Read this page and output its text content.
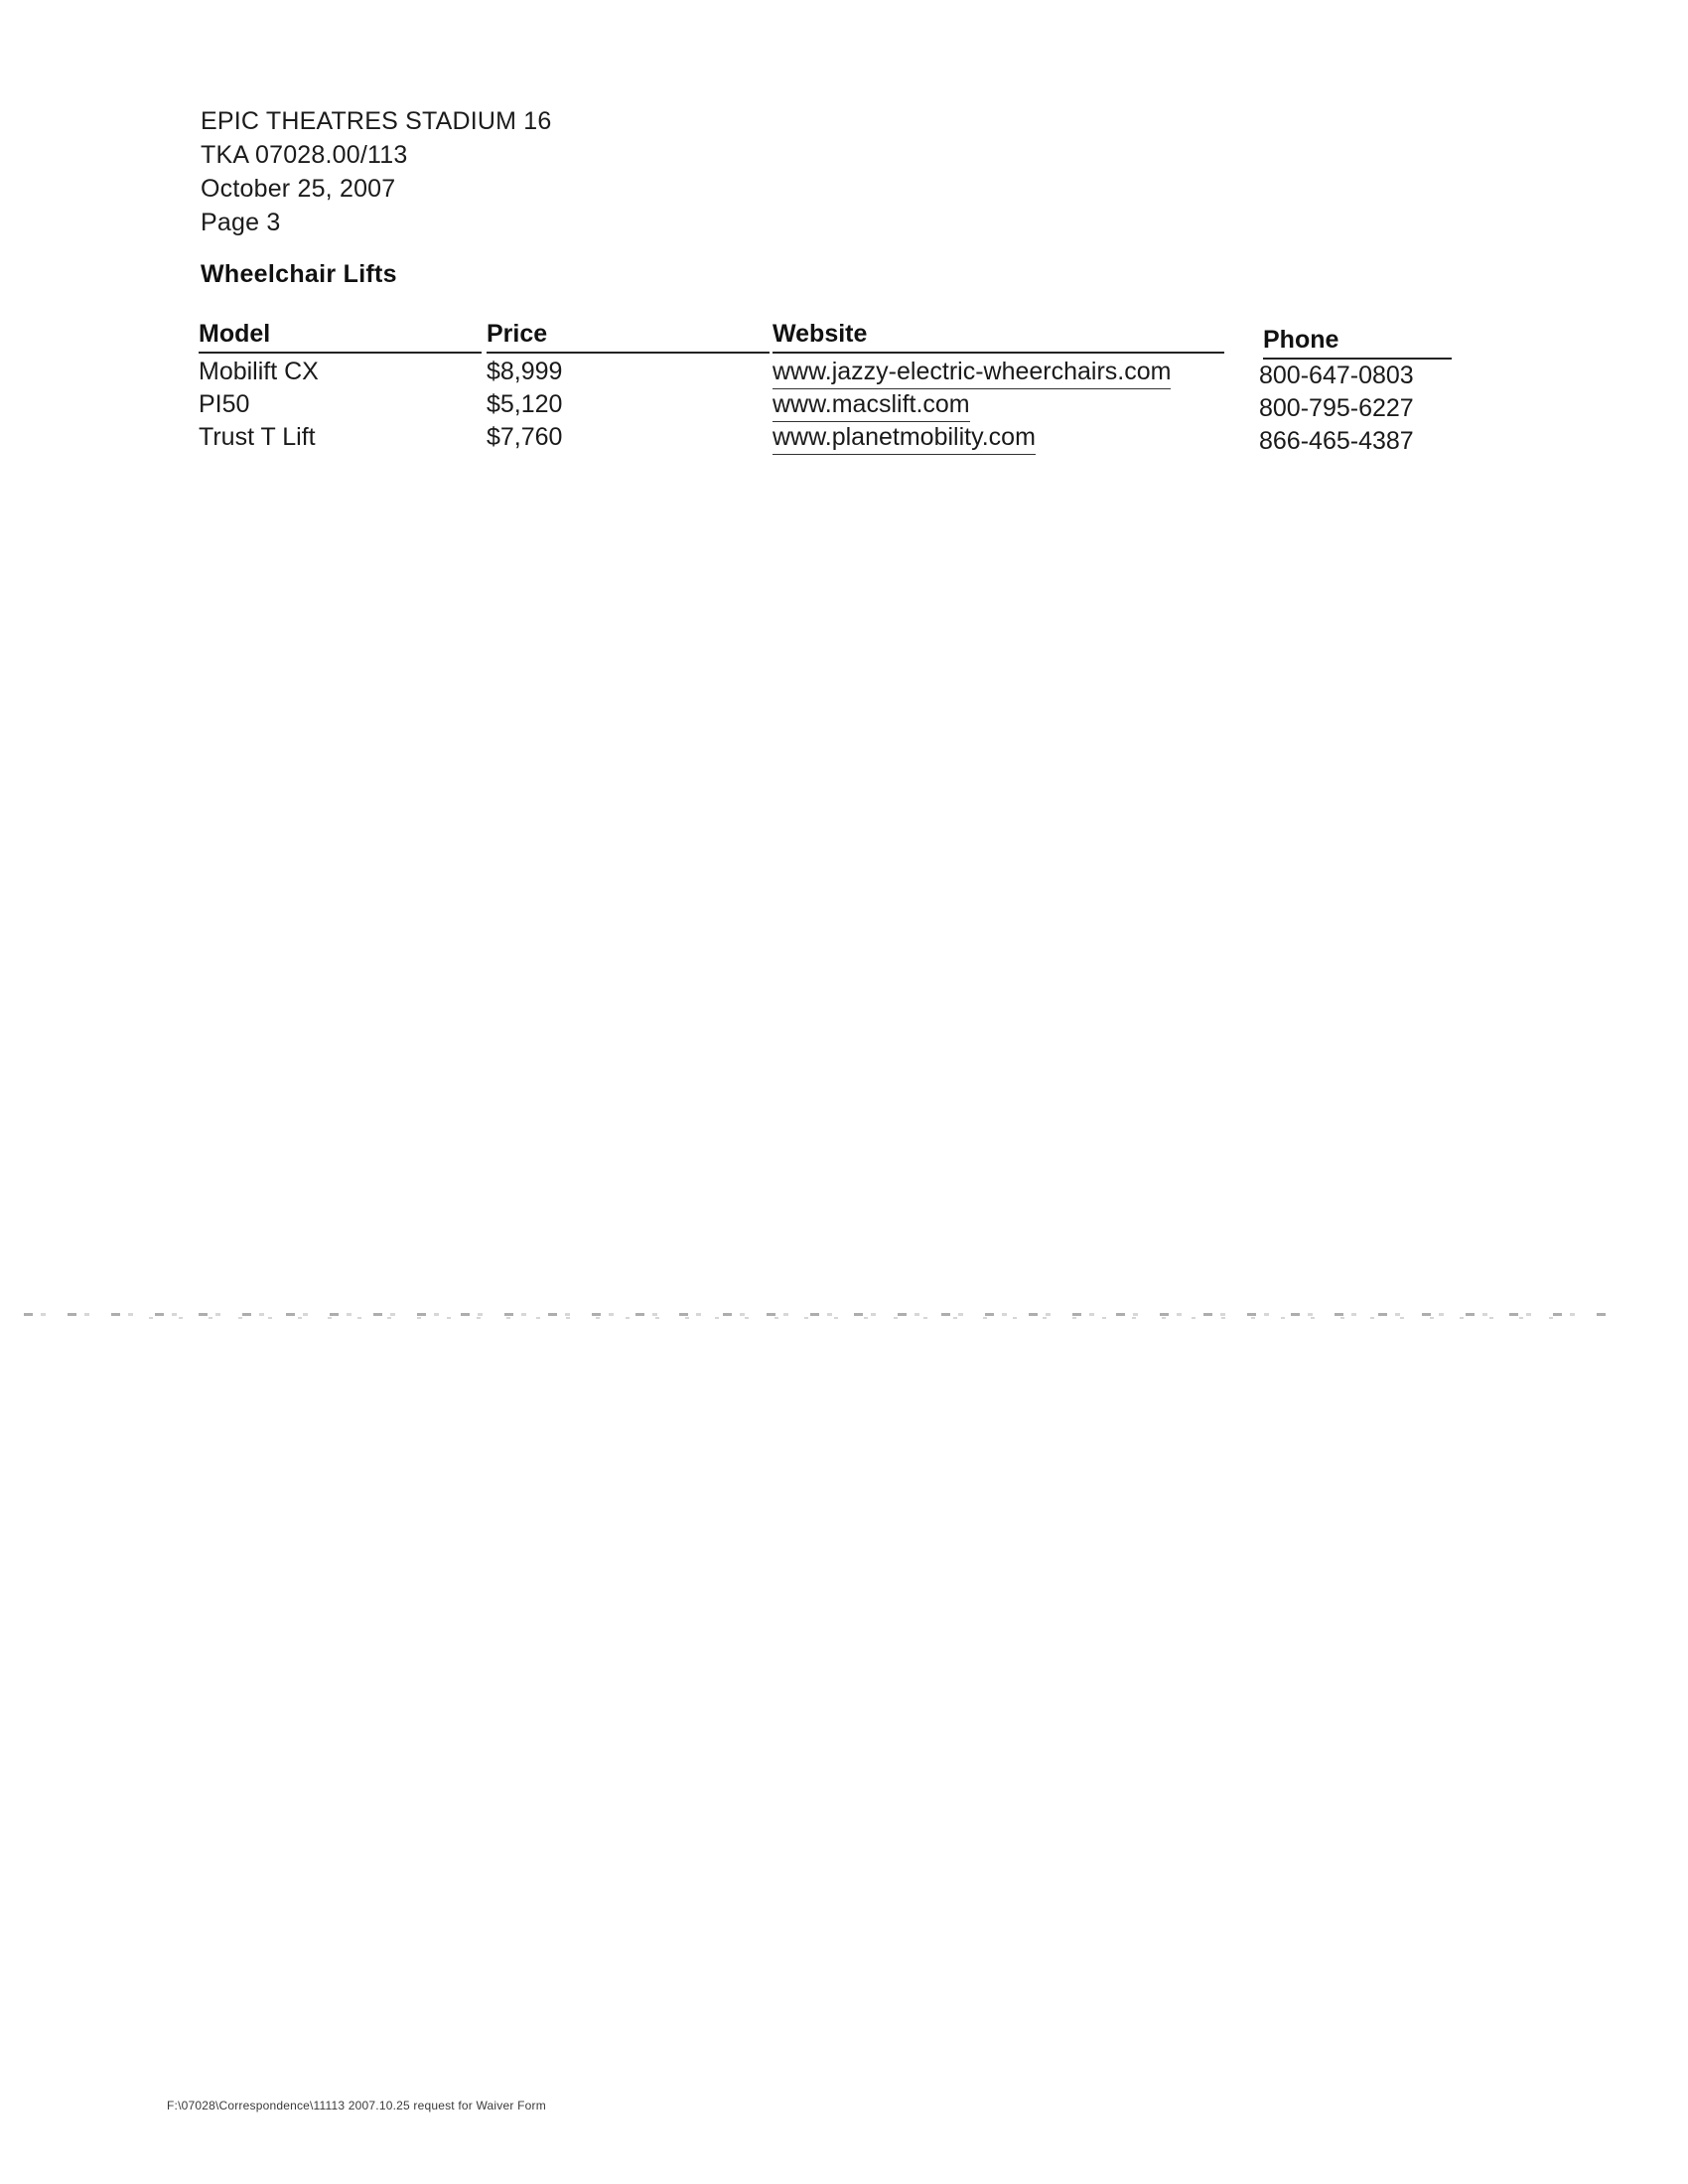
EPIC THEATRES STADIUM 16
TKA 07028.00/113
October 25, 2007
Page 3
Wheelchair Lifts
Model	Price	Website	Phone
Mobilift CX	$8,999	www.jazzy-electric-wheerchairs.com	800-647-0803
PI50	$5,120	www.macslift.com	800-795-6227
Trust T Lift	$7,760	www.planetmobility.com	866-465-4387
F:\07028\Correspondence\11113 2007.10.25 request for Waiver Form
